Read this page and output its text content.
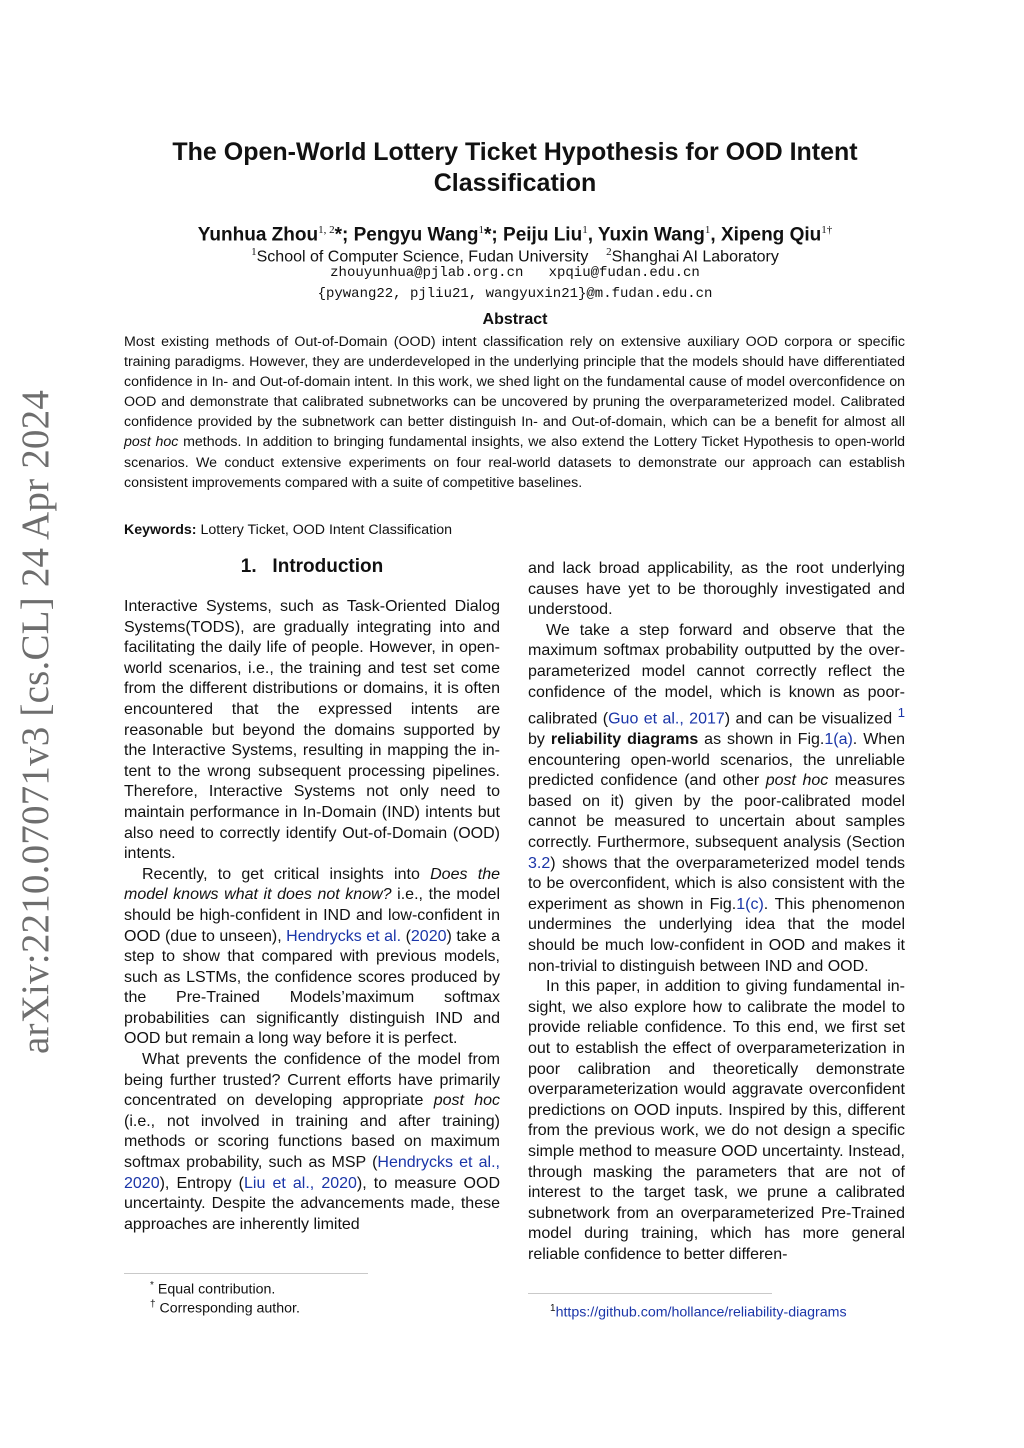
arXiv:2210.07071v3 [cs.CL] 24 Apr 2024
The Open-World Lottery Ticket Hypothesis for OOD Intent
Classification
Yunhua Zhou$^{1, 2}$*; Pengyu Wang$^1$*; Peiju Liu$^1$, Yuxin Wang$^1$, Xipeng Qiu$^{1\dagger}$
$^1$School of Computer Science, Fudan University $^2$Shanghai AI Laboratory
zhouyunhua@pjlab.org.cn   xpqiu@fudan.edu.cn
{pywang22, pjliu21, wangyuxin21}@m.fudan.edu.cn
Abstract
Most existing methods of Out-of-Domain (OOD) intent classification rely on extensive auxiliary OOD corpora or specific training paradigms. However, they are underdeveloped in the underlying principle that the models should have differentiated confidence in In- and Out-of-domain intent. In this work, we shed light on the fundamental cause of model overconfidence on OOD and demonstrate that calibrated subnetworks can be uncovered by pruning the overparameterized model. Calibrated confidence provided by the subnetwork can better distinguish In- and Out-of-domain, which can be a benefit for almost all post hoc methods. In addition to bringing fundamental insights, we also extend the Lottery Ticket Hypothesis to open-world scenarios. We conduct extensive experiments on four real-world datasets to demonstrate our approach can establish consistent improvements compared with a suite of competitive baselines.
Keywords: Lottery Ticket, OOD Intent Classification
1.   Introduction

Interactive Systems, such as Task-Oriented Dialog Systems(TODS), are gradually integrating into and facilitating the daily life of people. However, in open-world scenarios, i.e., the training and test set come from the different distributions or domains, it is often encountered that the expressed intents are reasonable but beyond the domains supported by the Interactive Systems, resulting in mapping the intent to the wrong subsequent processing pipelines. Therefore, Interactive Systems not only need to maintain performance in In-Domain (IND) intents but also need to correctly identify Out-of-Domain (OOD) intents.

Recently, to get critical insights into Does the model knows what it does not know? i.e., the model should be high-confident in IND and low-confident in OOD (due to unseen), Hendrycks et al. (2020) take a step to show that compared with previous models, such as LSTMs, the confidence scores produced by the Pre-Trained Models’maximum softmax probabilities can significantly distinguish IND and OOD but remain a long way before it is perfect.

What prevents the confidence of the model from being further trusted? Current efforts have primarily concentrated on developing appropriate post hoc (i.e., not involved in training and after training) methods or scoring functions based on maximum softmax probability, such as MSP (Hendrycks et al., 2020), Entropy (Liu et al., 2020), to measure OOD uncertainty. Despite the advancements made, these approaches are inherently limited

and lack broad applicability, as the root underlying causes have yet to be thoroughly investigated and understood.

We take a step forward and observe that the maximum softmax probability outputted by the overparameterized model cannot correctly reflect the confidence of the model, which is known as poor-calibrated (Guo et al., 2017) and can be visualized $^1$ by reliability diagrams as shown in Fig.1(a). When encountering open-world scenarios, the unreliable predicted confidence (and other post hoc measures based on it) given by the poor-calibrated model cannot be measured to uncertain about samples correctly. Furthermore, subsequent analysis (Section 3.2) shows that the overparameterized model tends to be overconfident, which is also consistent with the experiment as shown in Fig.1(c). This phenomenon undermines the underlying idea that the model should be much low-confident in OOD and makes it non-trivial to distinguish between IND and OOD.

In this paper, in addition to giving fundamental insight, we also explore how to calibrate the model to provide reliable confidence. To this end, we first set out to establish the effect of overparameterization in poor calibration and theoretically demonstrate overparameterization would aggravate overconfident predictions on OOD inputs. Inspired by this, different from the previous work, we do not design a specific simple method to measure OOD uncertainty. Instead, through masking the parameters that are not of interest to the target task, we prune a calibrated subnetwork from an overparameterized Pre-Trained model during training, which has more general reliable confidence to better differen-

* Equal contribution.
† Corresponding author.	$^1$https://github.com/hollance/reliability-diagrams
